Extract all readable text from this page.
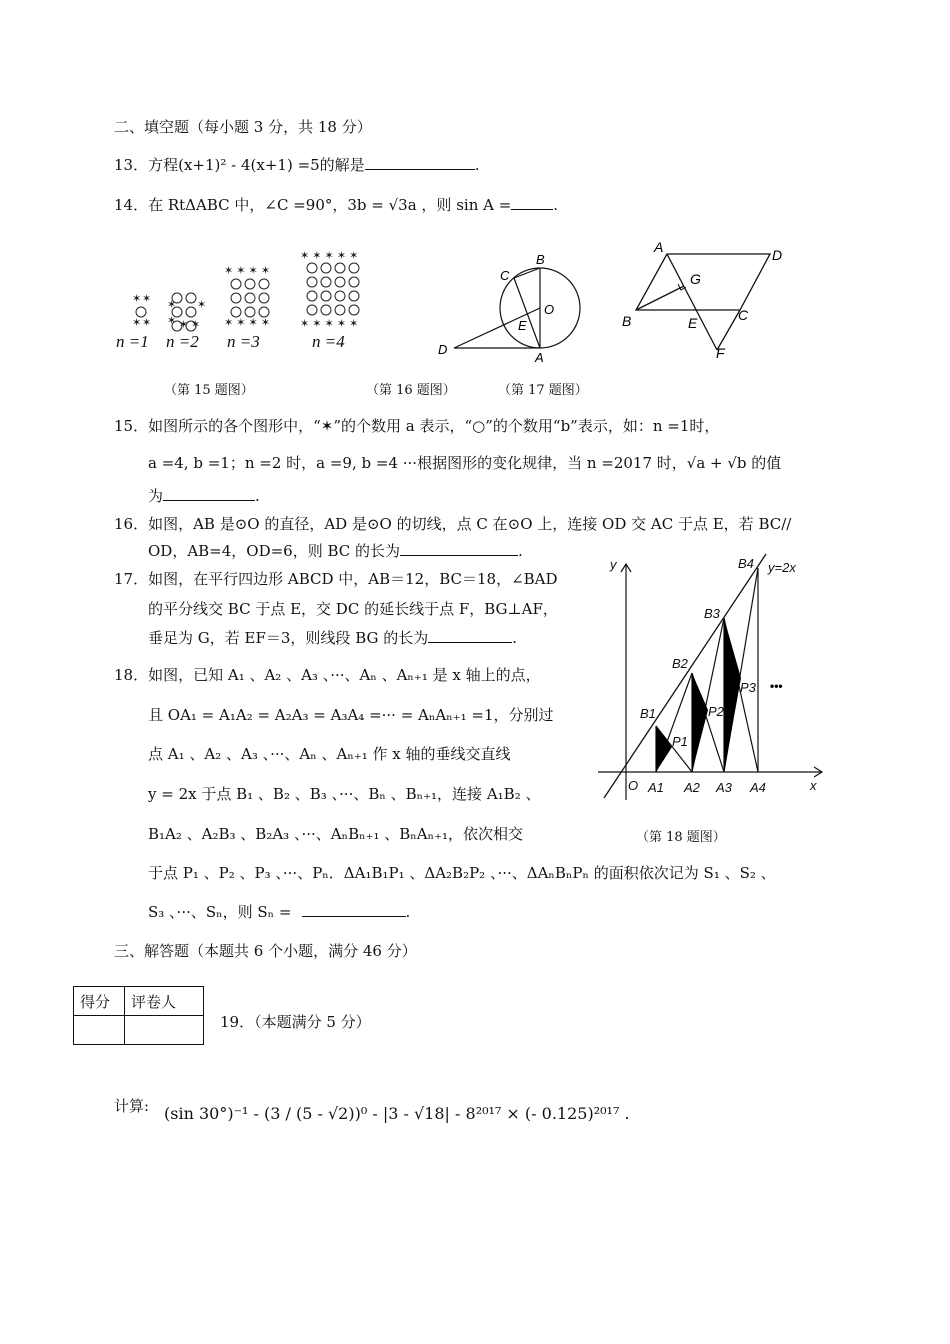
二、填空题（每小题 3 分，共 18 分）
13．方程(x+1)² - 4(x+1) =5的解是	.
14．在 RtΔABC 中，∠C =90°，3b = √3a ，则 sin A =	.
✶ ✶
✶ ✶
✶ ✶
✶ ✶ ✶
✶ ✶ ✶ ✶
✶ ✶ ✶ ✶
✶ ✶ ✶ ✶ ✶
✶ ✶ ✶ ✶ ✶
n =1 n =2 n =3	n =4
B
C
O
E
D
A
A	D
G
B	E	C
F
（第 15 题图）	（第 16 题图）	（第 17 题图）
15．如图所示的各个图形中，“✶”的个数用 a 表示，“○”的个数用“b”表示，如：n =1时，
a =4, b =1；n =2 时，a =9, b =4 ···根据图形的变化规律，当 n =2017 时，√a + √b 的值
为	.
16．如图，AB 是⊙O 的直径，AD 是⊙O 的切线，点 C 在⊙O 上，连接 OD 交 AC 于点 E，若 BC//
OD，AB=4，OD=6，则 BC 的长为	.
17．如图，在平行四边形 ABCD 中，AB＝12，BC＝18，∠BAD
的平分线交 BC 于点 E，交 DC 的延长线于点 F，BG⊥AF，
垂足为 G，若 EF＝3，则线段 BG 的长为	.
y
x
y=2x
O A1 A2 A3 A4
B1
B2
B3
B4
P1
P2
P3 •••
（第 18 题图）
18．如图，已知 A₁ 、A₂ 、A₃ 、···、Aₙ 、Aₙ₊₁ 是 x 轴上的点，
且 OA₁ = A₁A₂ = A₂A₃ = A₃A₄ =··· = AₙAₙ₊₁ =1，分别过
点 A₁ 、A₂ 、A₃ 、···、Aₙ 、Aₙ₊₁ 作 x 轴的垂线交直线
y = 2x 于点 B₁ 、B₂ 、B₃ 、···、Bₙ 、Bₙ₊₁，连接 A₁B₂ 、
B₁A₂ 、A₂B₃ 、B₂A₃ 、···、AₙBₙ₊₁ 、BₙAₙ₊₁，依次相交
于点 P₁ 、P₂ 、P₃ 、···、Pₙ．ΔA₁B₁P₁ 、ΔA₂B₂P₂ 、···、ΔAₙBₙPₙ 的面积依次记为 S₁ 、S₂ 、
S₃ 、···、Sₙ，则 Sₙ =	.
三、解答题（本题共 6 个小题，满分 46 分）
得分	评卷人

19．（本题满分 5 分）
计算: (sin 30°)⁻¹ - (3 / (5 - √2))⁰ - |3 - √18| - 8²⁰¹⁷ × (- 0.125)²⁰¹⁷ .
